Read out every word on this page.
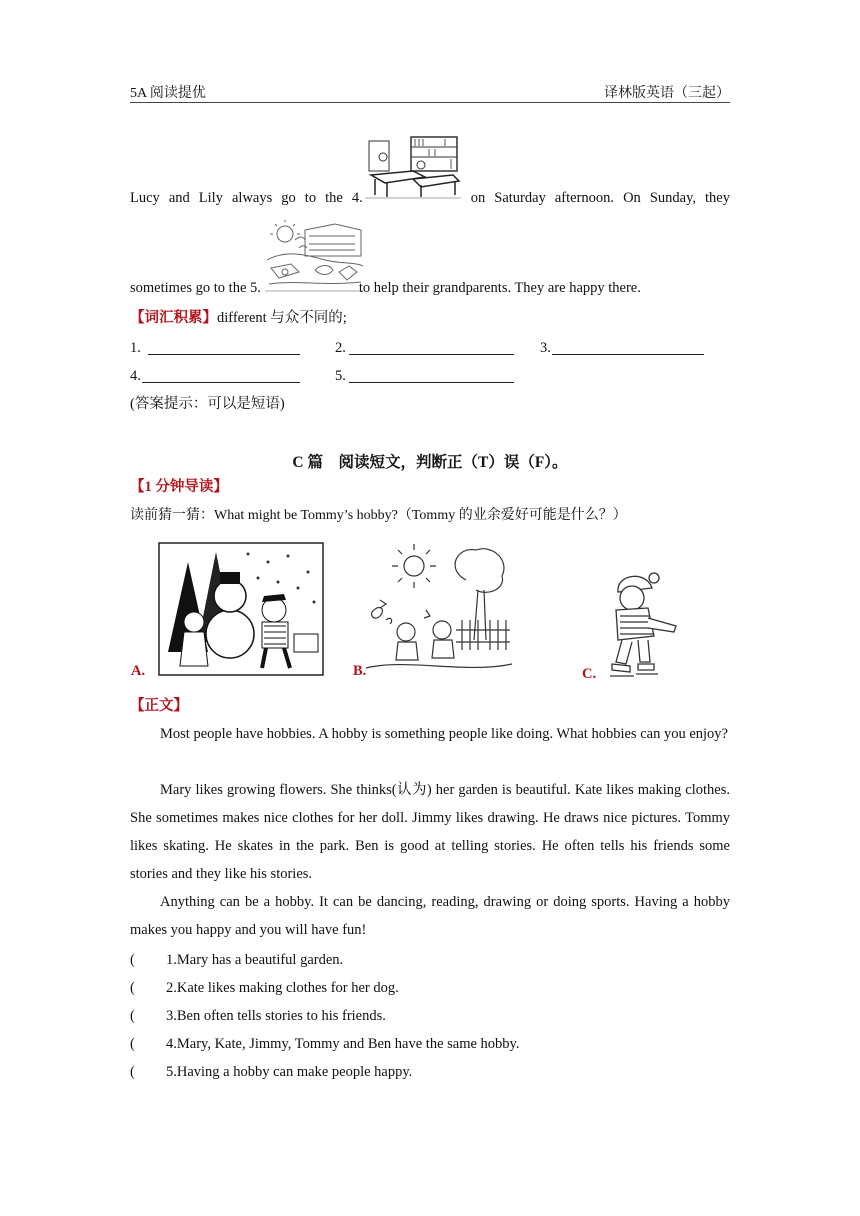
5A 阅读提优	译林版英语（三起）
Lucy and Lily always go to the 4.	on Saturday afternoon. On Sunday, they
sometimes go to the 5.	to help their grandparents. They are happy there.
【词汇积累】different 与众不同的;
1.	2.	3.
4.	5.
(答案提示：可以是短语)
C 篇　阅读短文，判断正（T）误（F）。
【1 分钟导读】
读前猜一猜：What might be Tommy’s hobby?（Tommy 的业余爱好可能是什么？）
A.	B.	C.
【正文】
Most people have hobbies. A hobby is something people like doing. What hobbies can you enjoy?
Mary likes growing flowers. She thinks(认为) her garden is beautiful. Kate likes making clothes. She sometimes makes nice clothes for her doll. Jimmy likes drawing. He draws nice pictures. Tommy likes skating. He skates in the park. Ben is good at telling stories. He often tells his friends some stories and they like his stories.
Anything can be a hobby. It can be dancing, reading, drawing or doing sports. Having a hobby makes you happy and you will have fun!
( 1.Mary has a beautiful garden.
( 2.Kate likes making clothes for her dog.
( 3.Ben often tells stories to his friends.
( 4.Mary, Kate, Jimmy, Tommy and Ben have the same hobby.
( 5.Having a hobby can make people happy.
